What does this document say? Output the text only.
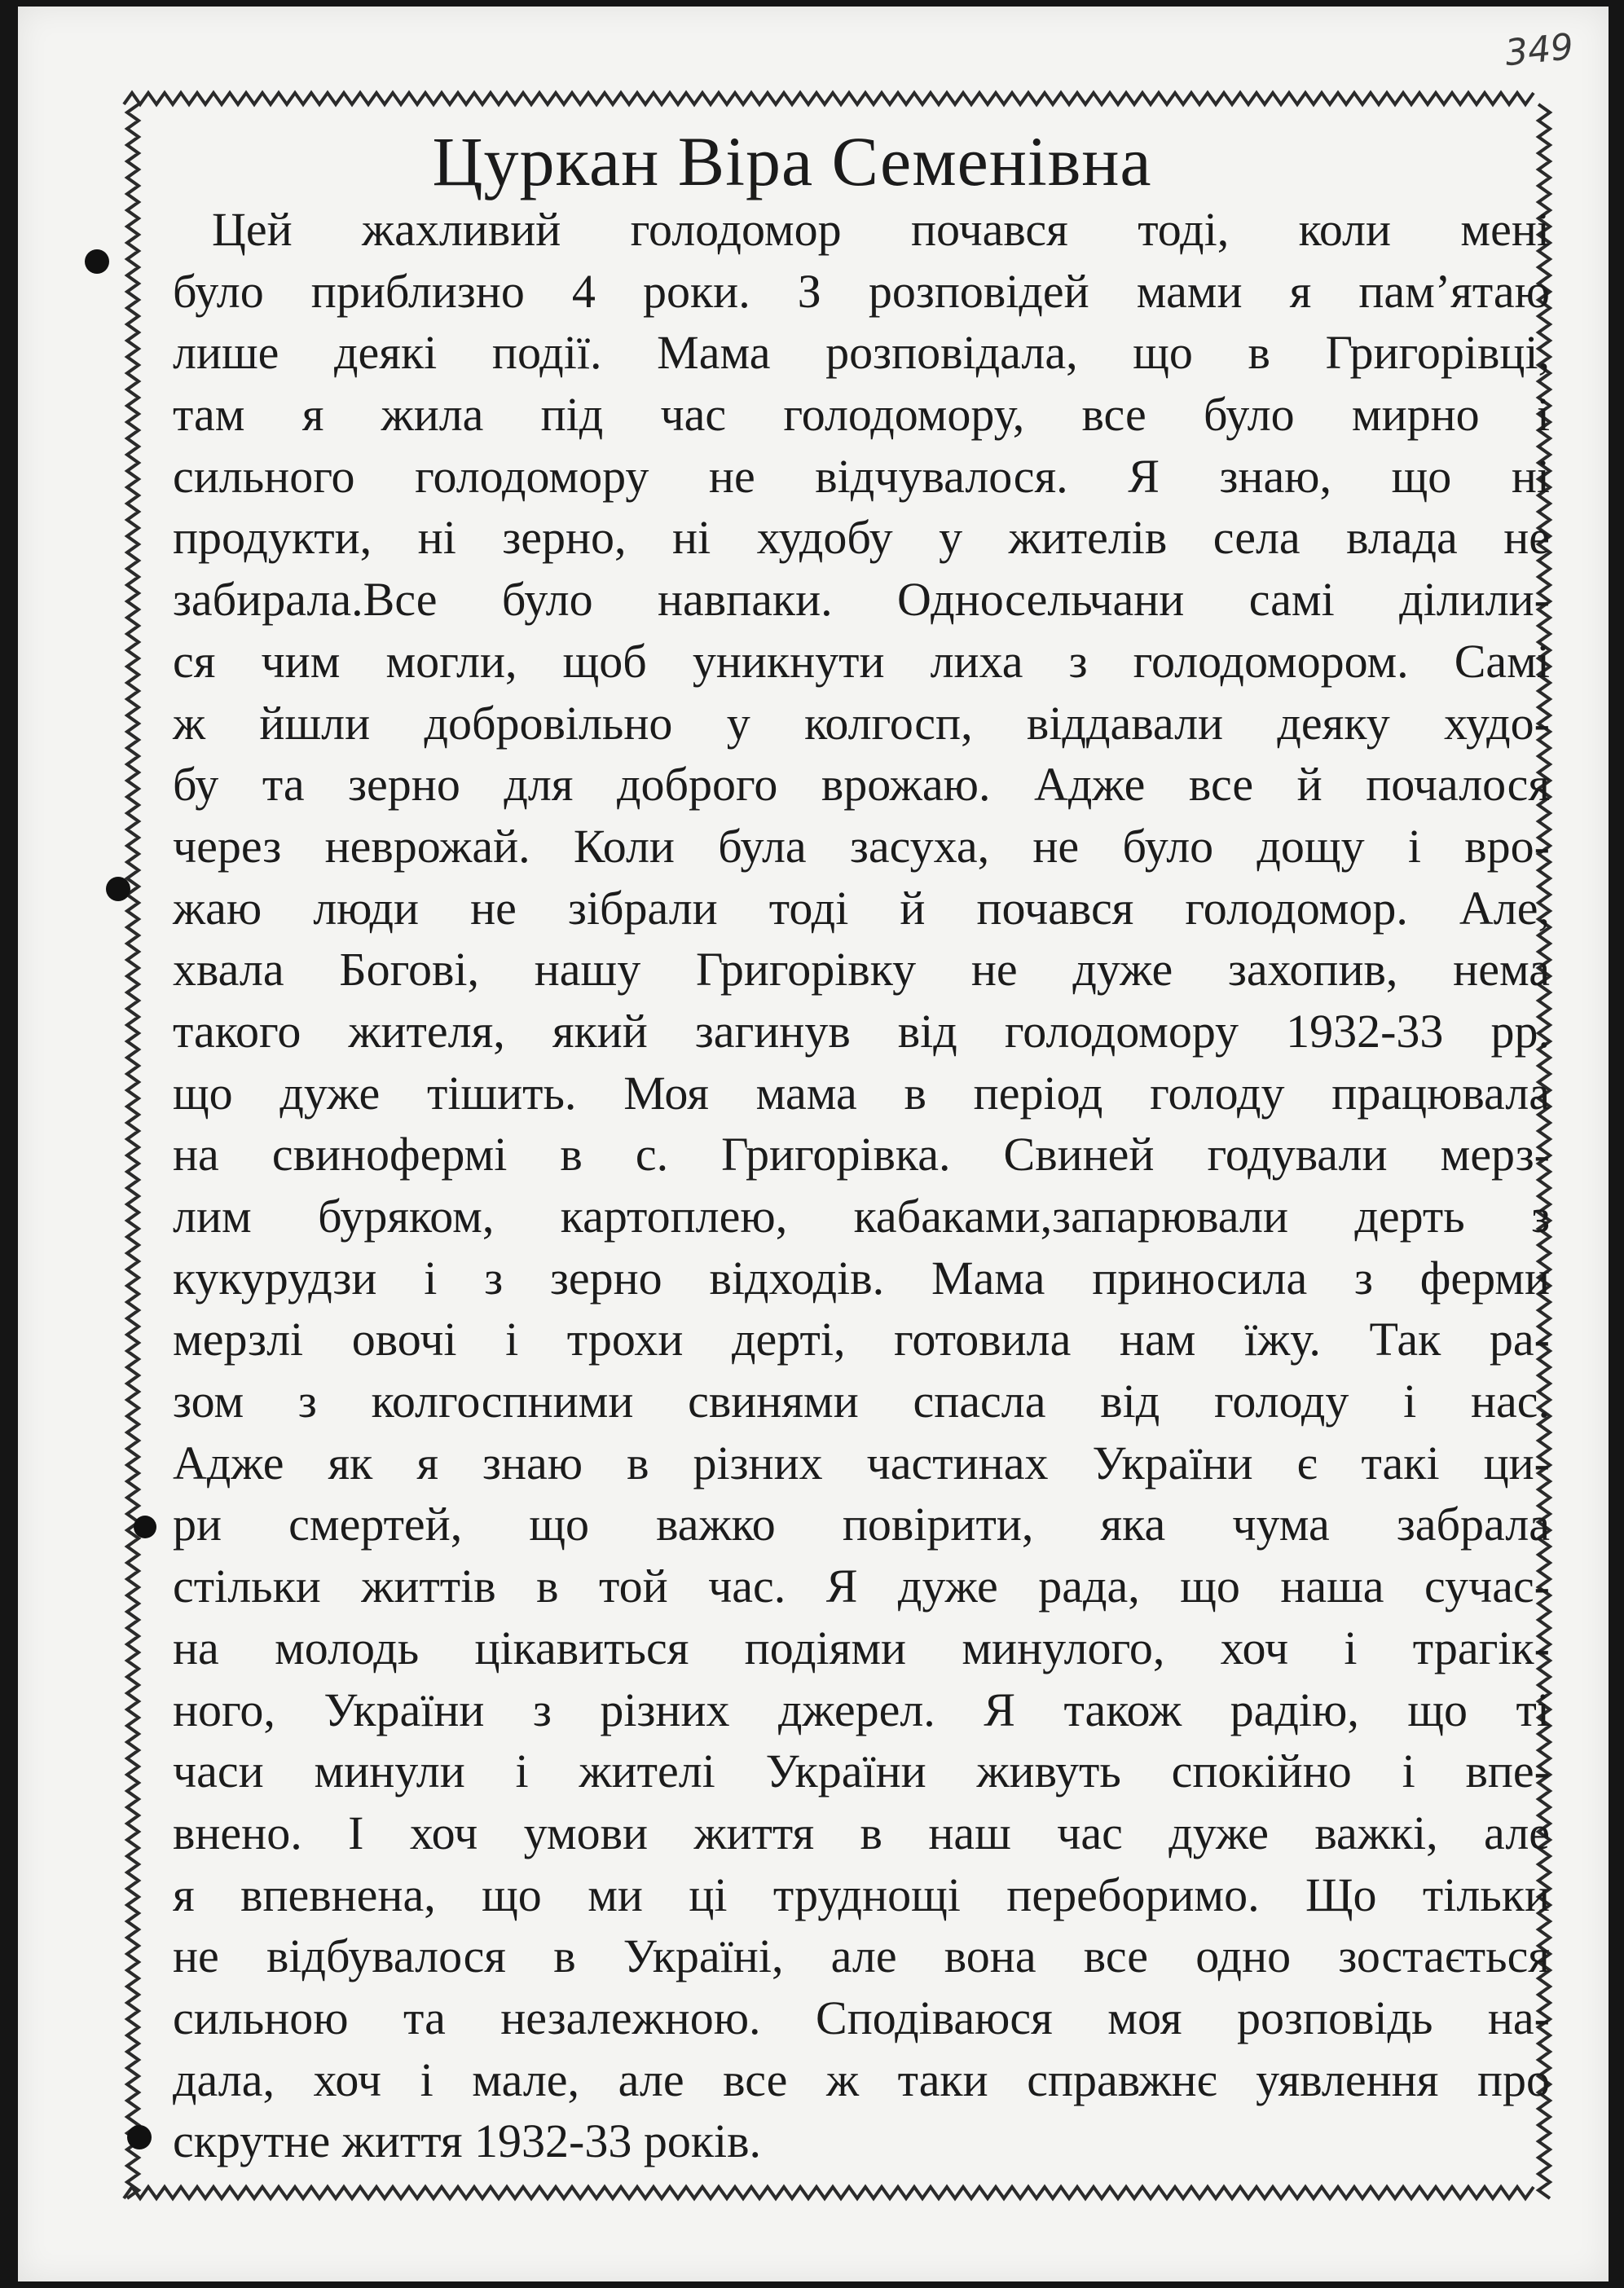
349
Цуркан Віра Семенівна
Цей жахливий голодомор почався тоді, коли мені
було приблизно 4 роки. З розповідей мами я пам’ятаю
лише деякі події. Мама розповідала, що в Григорівці,
там я жила під час голодомору, все було мирно і
сильного голодомору не відчувалося. Я знаю, що ні
продукти, ні зерно, ні худобу у жителів села влада не
забирала.Все було навпаки. Односельчани самі ділили-
ся чим могли, щоб уникнути лиха з голодомором. Самі
ж йшли добровільно у колгосп, віддавали деяку худо-
бу та зерно для доброго врожаю. Адже все й почалося
через неврожай. Коли була засуха, не було дощу і вро-
жаю люди не зібрали тоді й почався голодомор. Але,
хвала Богові, нашу Григорівку не дуже захопив, нема
такого жителя, який загинув від голодомору 1932-33 рр.
що дуже тішить. Моя мама в період голоду працювала
на свинофермі в с. Григорівка. Свиней годували мерз-
лим буряком, картоплею, кабаками,запарювали дерть з
кукурудзи і з зерно відходів. Мама приносила з ферми
мерзлі овочі і трохи дерті, готовила нам їжу. Так ра-
зом з колгоспними свинями спасла від голоду і нас.
Адже як я знаю в різних частинах України є такі ци-
ри смертей, що важко повірити, яка чума забрала
стільки життів в той час. Я дуже рада, що наша сучас-
на молодь цікавиться подіями минулого, хоч і трагік-
ного, України з різних джерел. Я також радію, що ті
часи минули і жителі України живуть спокійно і впе-
внено. І хоч умови життя в наш час дуже важкі, але
я впевнена, що ми ці труднощі переборимо. Що тільки
не відбувалося в Україні, але вона все одно зостається
сильною та незалежною. Сподіваюся моя розповідь на-
дала, хоч і мале, але все ж таки справжнє уявлення про
скрутне життя 1932-33 років.
